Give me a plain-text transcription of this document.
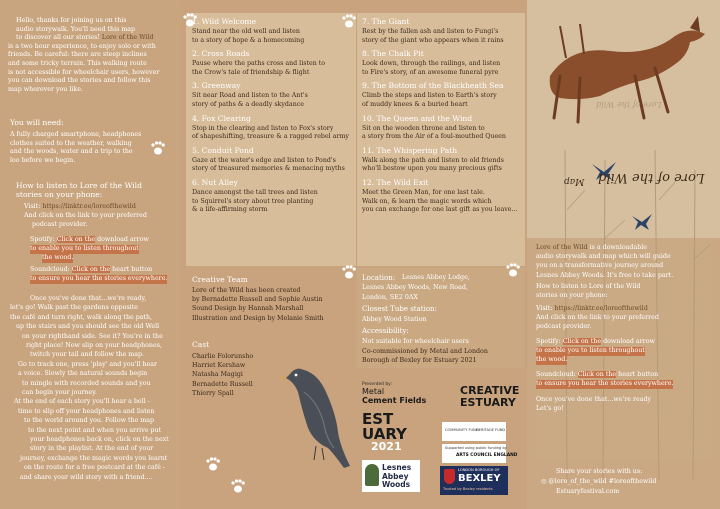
Creative Team
Cast
Presented by:
Metal
Cement Fields
CREATIVE
ESTUARY
EST
UARY
2021
COMMUNITY FUND
HERITAGE FUND
Supported using public funding by
ARTS COUNCIL ENGLAND
Lesnes
Abbey
Woods
LONDON BOROUGH OF
BEXLEY
Trusted by Bexley residents
Lore of the Wild
Map
Lore of the Wild
Hello, thanks for joining us on this
audio storywalk. You'll need this map
to discover all our stories! Lore of the Wild
is a two hour experience, to enjoy solo or with
friends. Be careful: there are steep inclines
and some tricky terrain. This walking route
is not accessible for wheelchair users, however
you can download the stories and follow this
map wherever you like.
You will need:
A fully charged smartphone, headphones
clothes suited to the weather, walking
and the woods, water and a trip to the
loo before we begin.
How to listen to Lore of the Wild
stories on your phone:
Visit: https://linktr.ee/loreofthewild
And click on the link to your preferred
podcast provider.
Spotify: Click on the download arrow
to enable you to listen throughout
the wood.
Soundcloud: Click on the heart button
to ensure you hear the stories everywhere.
Once you've done that...we're ready,
let's go! Walk past the gardens opposite
the café and turn right, walk along the path,
up the stairs and you should see the old Well
on your righthand side. See it? You're in the
right place! Now slip on your headphones,
twitch your tail and follow the map.
Go to track one, press 'play' and you'll hear
a voice. Slowly the natural sounds begin
to mingle with recorded sounds and you
can begin your journey.
At the end of each story you'll hear a bell -
time to slip off your headphones and listen
to the world around you. Follow the map
to the next point and when you arrive put
your headphones back on, click on the next
story in the playlist. At the end of your
journey, exchange the magic words you learnt
on the route for a free postcard at the café -
and share your wild story with a friend....
1. Wild Welcome
Stand near the old well and listen
to a story of hope & a homecoming
2. Cross Roads
Pause where the paths cross and listen to
the Crow's tale of friendship & flight
3. Greenway
Sit near Road and listen to the Ant's
story of paths & a deadly skydance
4. Fox Clearing
Stop in the clearing and listen to Fox's story
of shapeshifting, treasure & a ragged rebel army
5. Conduit Pond
Gaze at the water's edge and listen to Pond's
story of treasured memories & menacing myths
6. Nut Alley
Dance amongst the tall trees and listen
to Squirrel's story about tree planting
& a life-affirming storm
7. The Giant
Rest by the fallen ash and listen to Fungi's
story of the giant who appears when it rains
8. The Chalk Pit
Look down, through the railings, and listen
to Fire's story, of an awesome funeral pyre
9. The Bottom of the Blackheath Sea
Climb the steps and listen to Earth's story
of muddy knees & a buried heart
10. The Queen and the Wind
Sit on the wooden throne and listen to
a story from the Air of a foul-mouthed Queen
11. The Whispering Path
Walk along the path and listen to old friends
who'll bestow upon you many precious gifts
12. The Wild Exit
Meet the Green Man, for one last tale.
Walk on, & learn the magic words which
you can exchange for one last gift as you leave...
Lore of the Wild has been created
by Bernadette Russell and Sophie Austin
Sound Design by Hannah Marshall
Illustration and Design by Melanie Smith
Charlie Folorunsho
Harriet Kershaw
Natasha Magigi
Bernadette Russell
Thierry Spall
Location: Lesnes Abbey Lodge,
Lesnes Abbey Woods, New Road,
London, SE2 0AX
Closest Tube station:
Abbey Wood Station
Accessibility:
Not suitable for wheelchair users
Co-commissioned by Metal and London
Borough of Bexley for Estuary 2021
Lore of the Wild is a downloadable
audio storywalk and map which will guide
you on a transformative journey around
Lesnes Abbey Woods. It's free to take part.
How to listen to Lore of the Wild
stories on your phone:
Visit: https://linktr.ee/loreofthewild
And click on the link to your preferred
podcast provider.
Spotify: Click on the download arrow
to enable you to listen throughout
the wood.
Soundcloud: Click on the heart button
to ensure you hear the stories everywhere.
Once you've done that...we're ready
Let's go!
Share your stories with us:
◎ @lore_of_the_wild #loreofthewild
Estuaryfestival.com
